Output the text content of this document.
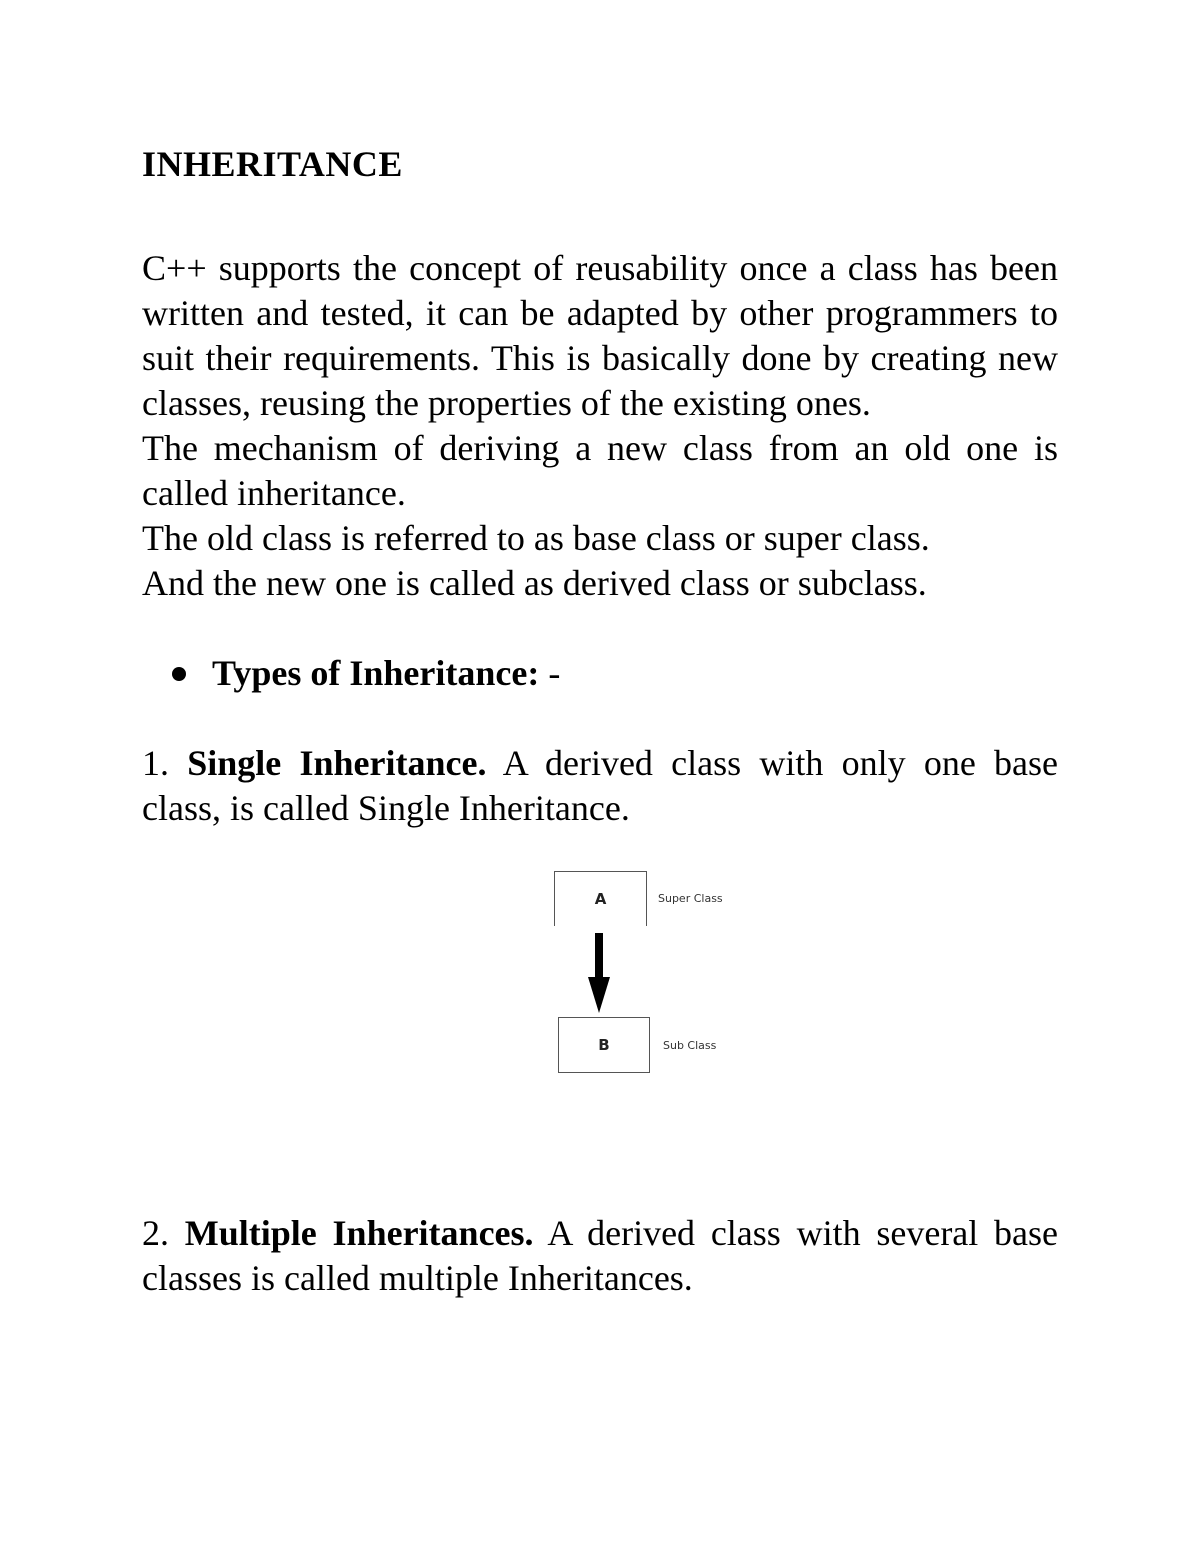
INHERITANCE

C++ supports the concept of reusability once a class has been written and tested, it can be adapted by other programmers to suit their requirements. This is basically done by creating new classes, reusing the properties of the existing ones.

The mechanism of deriving a new class from an old one is called inheritance.

The old class is referred to as base class or super class.

And the new one is called as derived class or subclass.

Types of Inheritance: -

1. Single Inheritance. A derived class with only one base class, is called Single Inheritance.

A	Super Class
B	Sub Class

2. Multiple Inheritances. A derived class with several base classes is called multiple Inheritances.
